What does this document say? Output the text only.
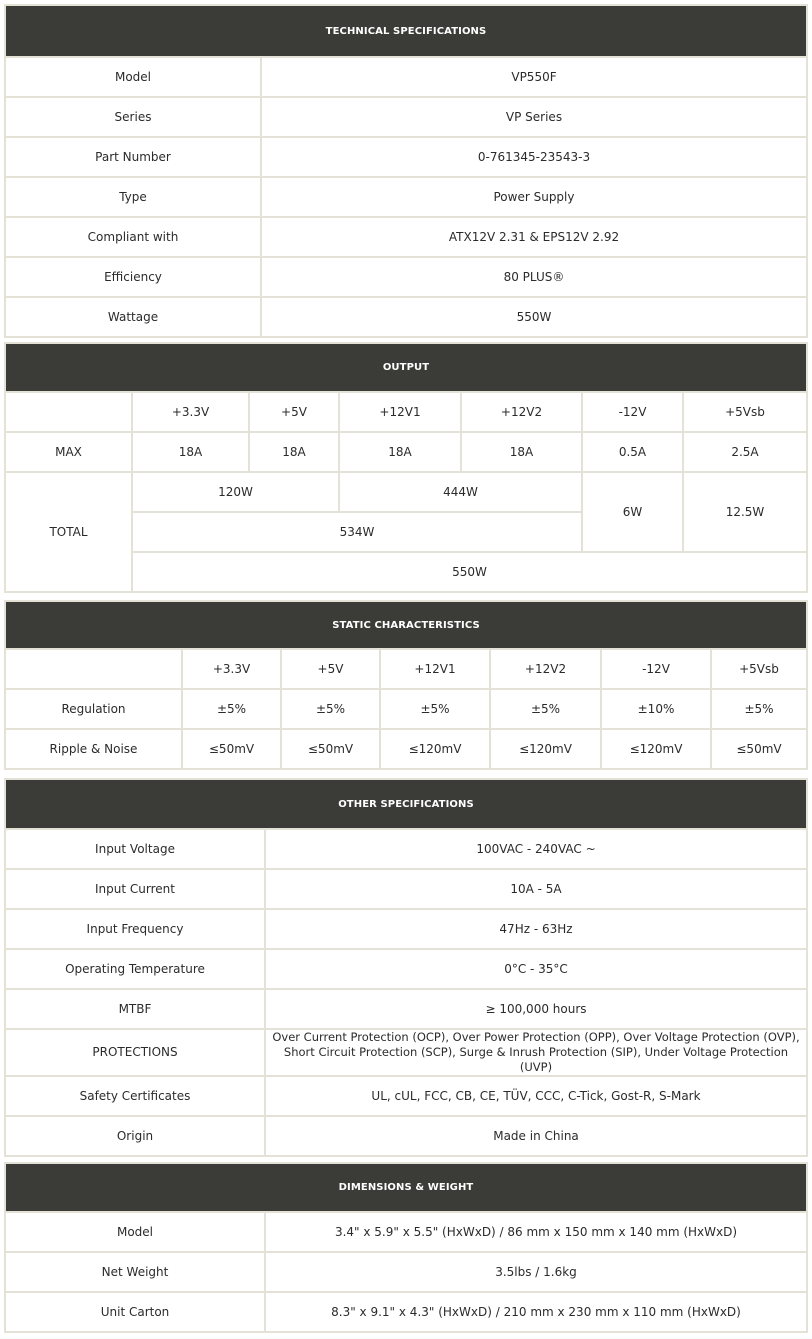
TECHNICAL SPECIFICATIONS	
Model	VP550F
Series	VP Series
Part Number	0-761345-23543-3
Type	Power Supply
Compliant with	ATX12V 2.31 & EPS12V 2.92
Efficiency	80 PLUS®
Wattage	550W
OUTPUT						
	+3.3V	+5V	+12V1	+12V2	-12V	+5Vsb
MAX	18A	18A	18A	18A	0.5A	2.5A
TOTAL	120W		444W		6W	12.5W
	534W					
	550W					
STATIC CHARACTERISTICS						
	+3.3V	+5V	+12V1	+12V2	-12V	+5Vsb
Regulation	±5%	±5%	±5%	±5%	±10%	±5%
Ripple & Noise	≤50mV	≤50mV	≤120mV	≤120mV	≤120mV	≤50mV
OTHER SPECIFICATIONS	
Input Voltage	100VAC - 240VAC ~
Input Current	10A - 5A
Input Frequency	47Hz - 63Hz
Operating Temperature	0°C - 35°C
MTBF	≥ 100,000 hours
PROTECTIONS	Over Current Protection (OCP), Over Power Protection (OPP), Over Voltage Protection (OVP),
Short Circuit Protection (SCP), Surge & Inrush Protection (SIP), Under Voltage Protection (UVP)

Safety Certificates	UL, cUL, FCC, CB, CE, TÜV, CCC, C-Tick, Gost-R, S-Mark
Origin	Made in China
DIMENSIONS & WEIGHT	
Model	3.4" x 5.9" x 5.5" (HxWxD) / 86 mm x 150 mm x 140 mm (HxWxD)
Net Weight	3.5lbs / 1.6kg
Unit Carton	8.3" x 9.1" x 4.3" (HxWxD) / 210 mm x 230 mm x 110 mm (HxWxD)
